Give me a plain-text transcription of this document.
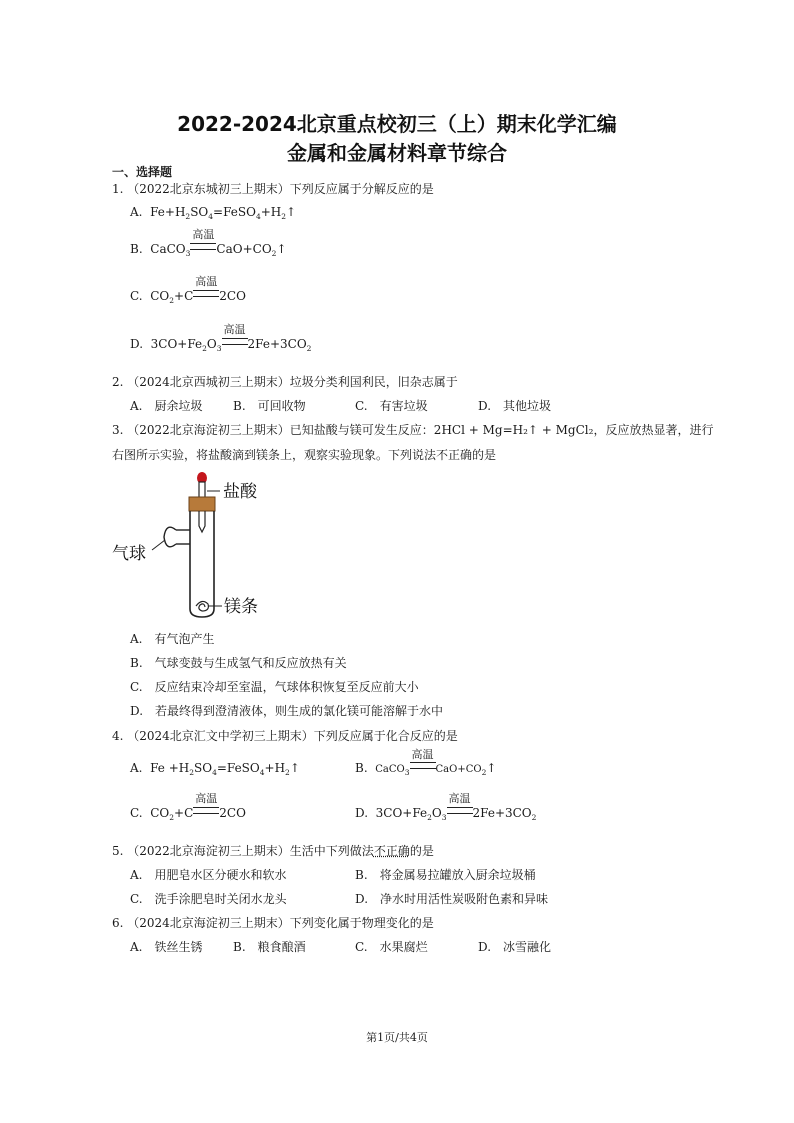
2022-2024北京重点校初三（上）期末化学汇编
金属和金属材料章节综合
一、选择题
1. （2022北京东城初三上期末）下列反应属于分解反应的是
A. $Fe+H_2SO_4=FeSO_4+H_2↑$
B. CaCO$_3$
高温
$CaO+CO_2↑$
C. $CO_2+C$
高温
2CO
D. $3CO+Fe_2O_3$
高温
$2Fe+3CO_2$
2. （2024北京西城初三上期末）垃圾分类利国利民，旧杂志属于
A.　厨余垃圾	B.　可回收物	C.　有害垃圾	D.　其他垃圾
3. （2022北京海淀初三上期末）已知盐酸与镁可发生反应：2HCl + Mg=H₂↑ + MgCl₂，反应放热显著，进行
右图所示实验，将盐酸滴到镁条上，观察实验现象。下列说法不正确的是
盐酸
气球
镁条
A.　有气泡产生
B.　气球变鼓与生成氢气和反应放热有关
C.　反应结束冷却至室温，气球体积恢复至反应前大小
D.　若最终得到澄清液体，则生成的氯化镁可能溶解于水中
4. （2024北京汇文中学初三上期末）下列反应属于化合反应的是
A.  $Fe +H_2SO_4=FeSO_4+H_2↑$	B. CaCO$_3$
高温
$CaO+CO_2↑$
C.  $CO_2+C$
高温
2CO	D.  $3CO+Fe_2O_3$
高温
$2Fe+3CO_2$
5. （2022北京海淀初三上期末）生活中下列做法不正确的是
A.　用肥皂水区分硬水和软水	B.　将金属易拉罐放入厨余垃圾桶
C.　洗手涂肥皂时关闭水龙头	D.　净水时用活性炭吸附色素和异味
6. （2024北京海淀初三上期末）下列变化属于物理变化的是
A.　铁丝生锈	B.　粮食酿酒	C.　水果腐烂	D.　冰雪融化
第1页/共4页
